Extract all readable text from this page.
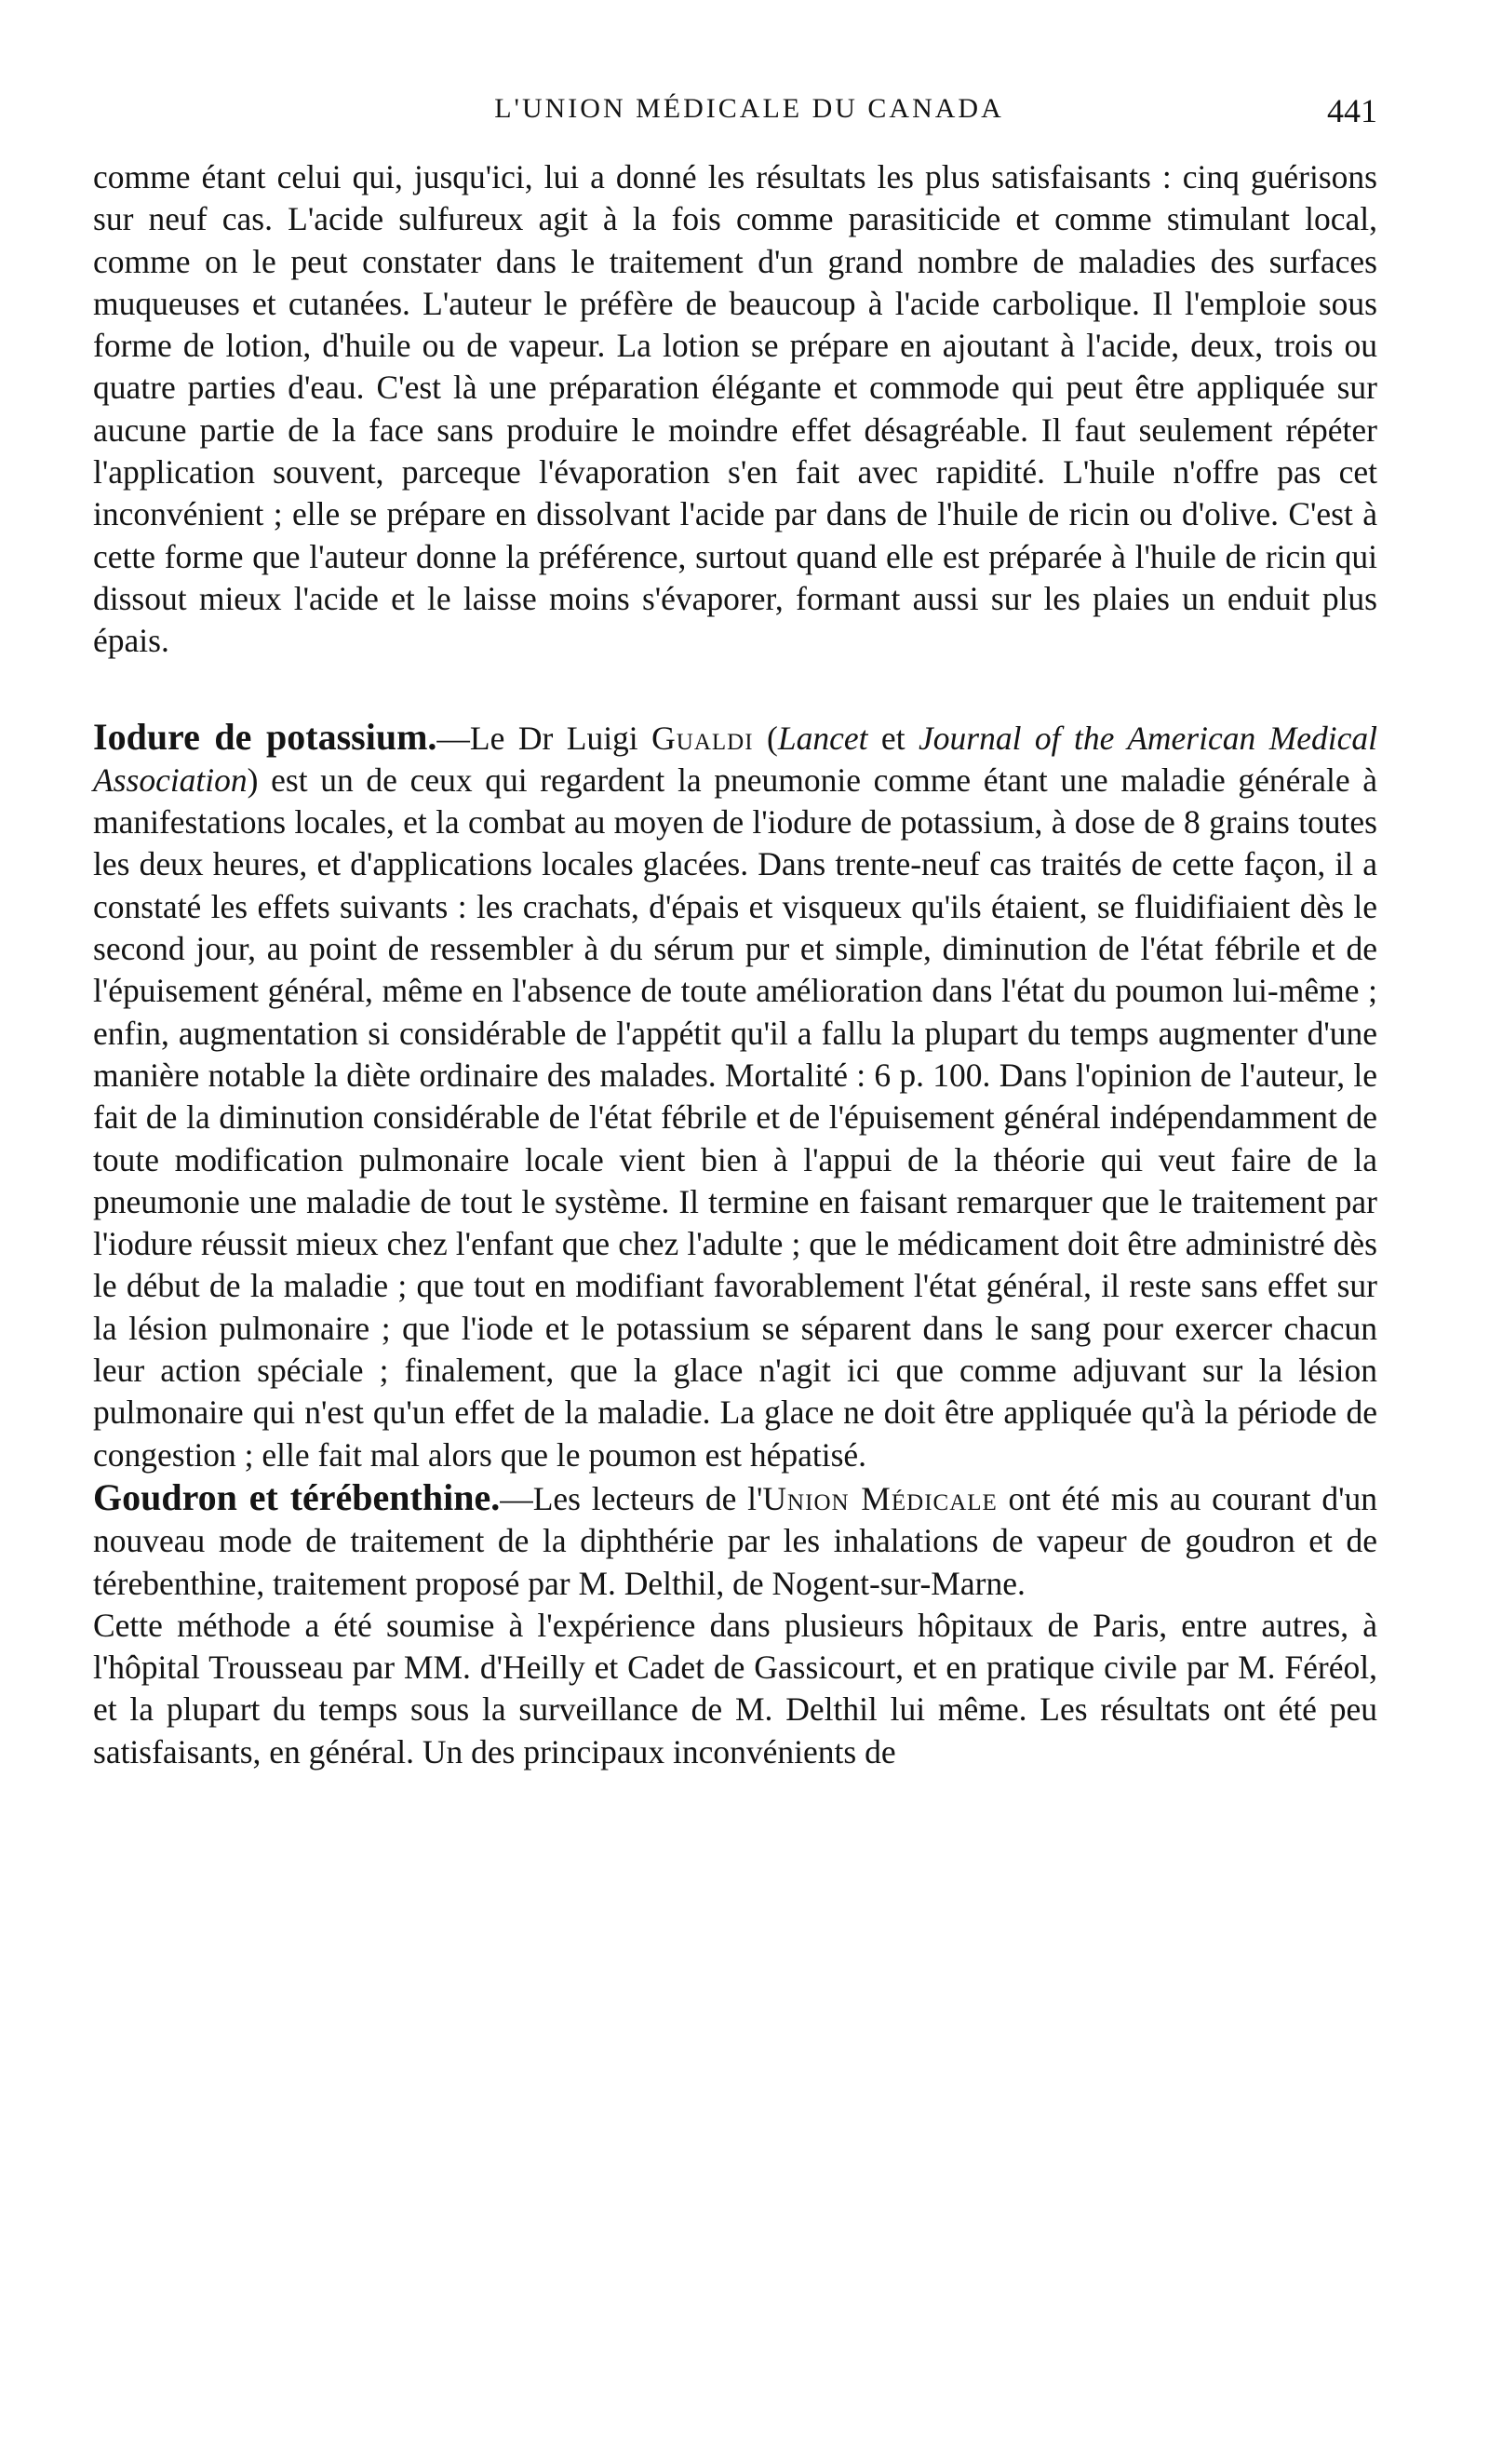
L'UNION MÉDICALE DU CANADA	441

comme étant celui qui, jusqu'ici, lui a donné les résultats les plus satisfaisants : cinq guérisons sur neuf cas. L'acide sulfureux agit à la fois comme parasiticide et comme stimulant local, comme on le peut constater dans le traitement d'un grand nombre de maladies des surfaces muqueuses et cutanées. L'auteur le préfère de beaucoup à l'acide carbolique. Il l'emploie sous forme de lotion, d'huile ou de vapeur. La lotion se prépare en ajoutant à l'acide, deux, trois ou quatre parties d'eau. C'est là une préparation élégante et commode qui peut être appliquée sur aucune partie de la face sans produire le moindre effet désagréable. Il faut seulement répéter l'application souvent, parceque l'évaporation s'en fait avec rapidité. L'huile n'offre pas cet inconvénient ; elle se prépare en dissolvant l'acide par dans de l'huile de ricin ou d'olive. C'est à cette forme que l'auteur donne la préférence, surtout quand elle est préparée à l'huile de ricin qui dissout mieux l'acide et le laisse moins s'évaporer, formant aussi sur les plaies un enduit plus épais.

Iodure de potassium.—Le Dr Luigi Gualdi (Lancet et Journal of the American Medical Association) est un de ceux qui regardent la pneumonie comme étant une maladie générale à manifestations locales, et la combat au moyen de l'iodure de potassium, à dose de 8 grains toutes les deux heures, et d'applications locales glacées. Dans trente-neuf cas traités de cette façon, il a constaté les effets suivants : les crachats, d'épais et visqueux qu'ils étaient, se fluidifiaient dès le second jour, au point de ressembler à du sérum pur et simple, diminution de l'état fébrile et de l'épuisement général, même en l'absence de toute amélioration dans l'état du poumon lui-même ; enfin, augmentation si considérable de l'appétit qu'il a fallu la plupart du temps augmenter d'une manière notable la diète ordinaire des malades. Mortalité : 6 p. 100. Dans l'opinion de l'auteur, le fait de la diminution considérable de l'état fébrile et de l'épuisement général indépendamment de toute modification pulmonaire locale vient bien à l'appui de la théorie qui veut faire de la pneumonie une maladie de tout le système. Il termine en faisant remarquer que le traitement par l'iodure réussit mieux chez l'enfant que chez l'adulte ; que le médicament doit être administré dès le début de la maladie ; que tout en modifiant favorablement l'état général, il reste sans effet sur la lésion pulmonaire ; que l'iode et le potassium se séparent dans le sang pour exercer chacun leur action spéciale ; finalement, que la glace n'agit ici que comme adjuvant sur la lésion pulmonaire qui n'est qu'un effet de la maladie. La glace ne doit être appliquée qu'à la période de congestion ; elle fait mal alors que le poumon est hépatisé.

Goudron et térébenthine.—Les lecteurs de l'Union Médicale ont été mis au courant d'un nouveau mode de traitement de la diphthérie par les inhalations de vapeur de goudron et de térebenthine, traitement proposé par M. Delthil, de Nogent-sur-Marne.

Cette méthode a été soumise à l'expérience dans plusieurs hôpitaux de Paris, entre autres, à l'hôpital Trousseau par MM. d'Heilly et Cadet de Gassicourt, et en pratique civile par M. Féréol, et la plupart du temps sous la surveillance de M. Delthil lui même. Les résultats ont été peu satisfaisants, en général. Un des principaux inconvénients de
